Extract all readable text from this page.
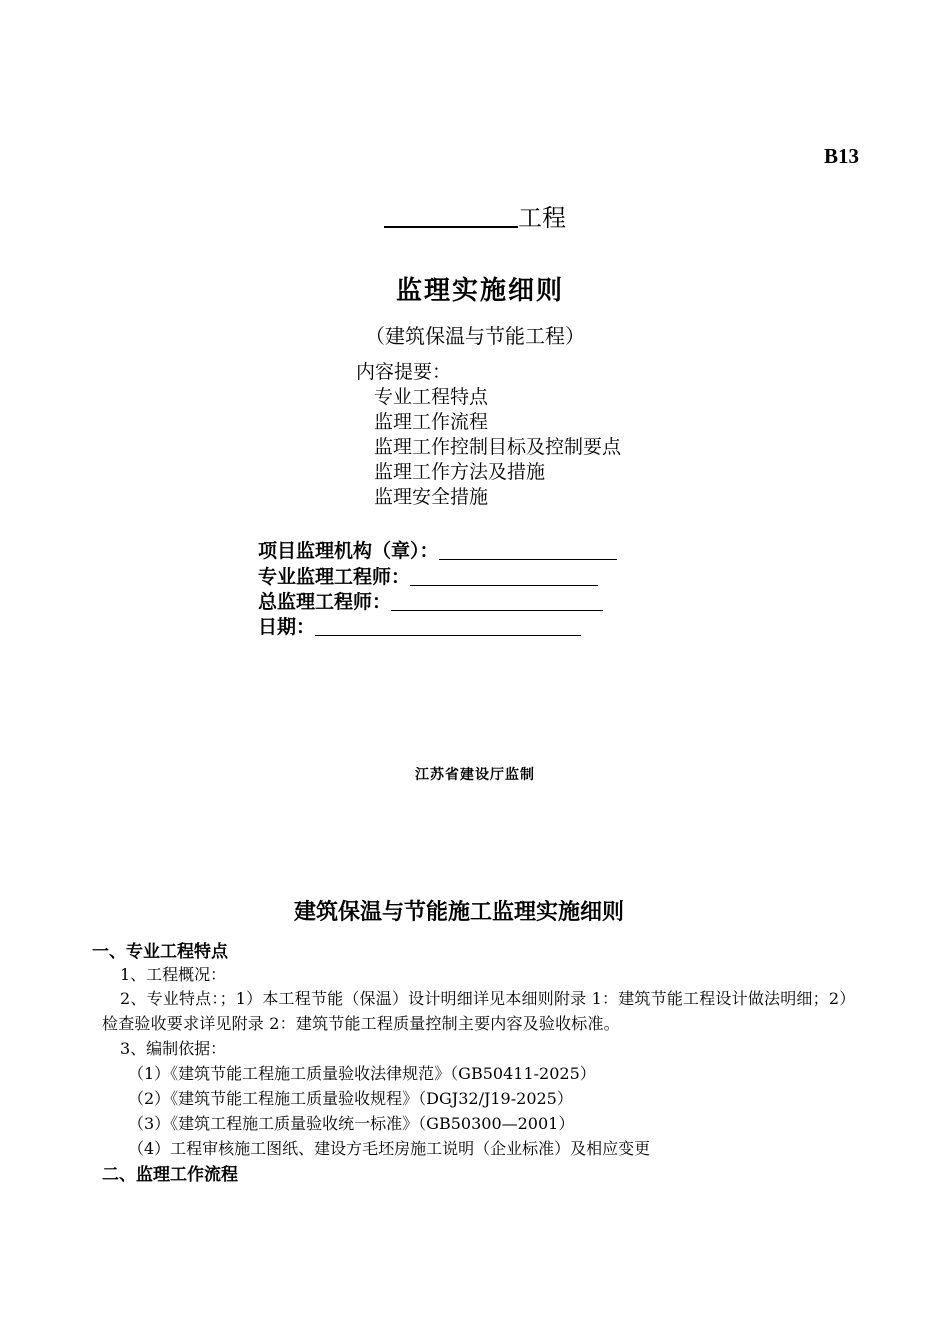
B13
工程
监理实施细则
（建筑保温与节能工程）
内容提要：
专业工程特点
监理工作流程
监理工作控制目标及控制要点
监理工作方法及措施
监理安全措施
项目监理机构（章）：
专业监理工程师：
总监理工程师：
日期：
江苏省建设厅监制
建筑保温与节能施工监理实施细则
一、专业工程特点
1、工程概况：
2、专业特点：；1）本工程节能（保温）设计明细详见本细则附录 1：建筑节能工程设计做法明细；2）检查验收要求详见附录 2：建筑节能工程质量控制主要内容及验收标准。
3、编制依据：
（1）《建筑节能工程施工质量验收法律规范》（GB50411-2025）
（2）《建筑节能工程施工质量验收规程》（DGJ32/J19-2025）
（3）《建筑工程施工质量验收统一标准》（GB50300—2001）
（4）工程审核施工图纸、建设方毛坯房施工说明（企业标准）及相应变更
二、监理工作流程
